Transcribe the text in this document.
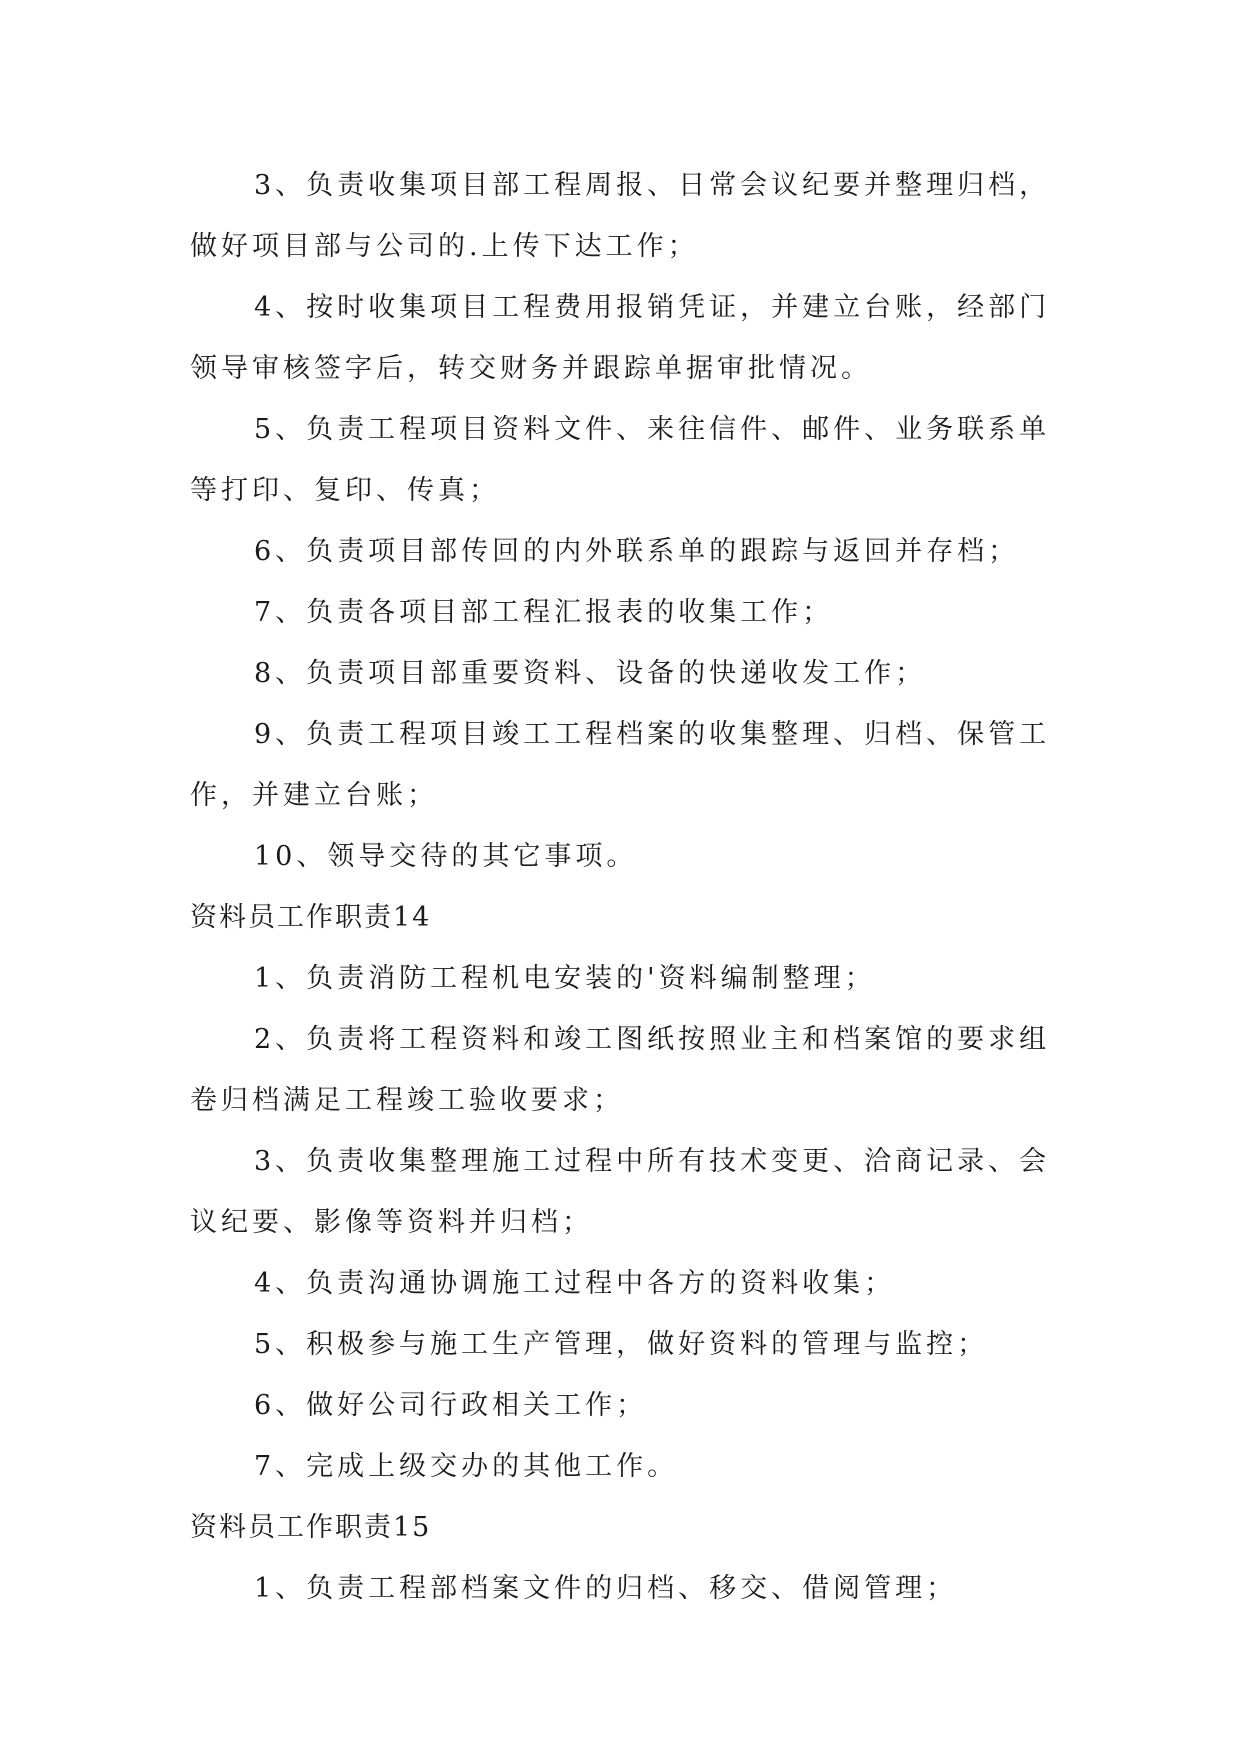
3、负责收集项目部工程周报、日常会议纪要并整理归档，做好项目部与公司的.上传下达工作；

4、按时收集项目工程费用报销凭证，并建立台账，经部门领导审核签字后，转交财务并跟踪单据审批情况。

5、负责工程项目资料文件、来往信件、邮件、业务联系单等打印、复印、传真；

6、负责项目部传回的内外联系单的跟踪与返回并存档；

7、负责各项目部工程汇报表的收集工作；

8、负责项目部重要资料、设备的快递收发工作；

9、负责工程项目竣工工程档案的收集整理、归档、保管工作，并建立台账；

10、领导交待的其它事项。

资料员工作职责14

1、负责消防工程机电安装的'资料编制整理；

2、负责将工程资料和竣工图纸按照业主和档案馆的要求组卷归档满足工程竣工验收要求；

3、负责收集整理施工过程中所有技术变更、洽商记录、会议纪要、影像等资料并归档；

4、负责沟通协调施工过程中各方的资料收集；

5、积极参与施工生产管理，做好资料的管理与监控；

6、做好公司行政相关工作；

7、完成上级交办的其他工作。

资料员工作职责15

1、负责工程部档案文件的归档、移交、借阅管理；
